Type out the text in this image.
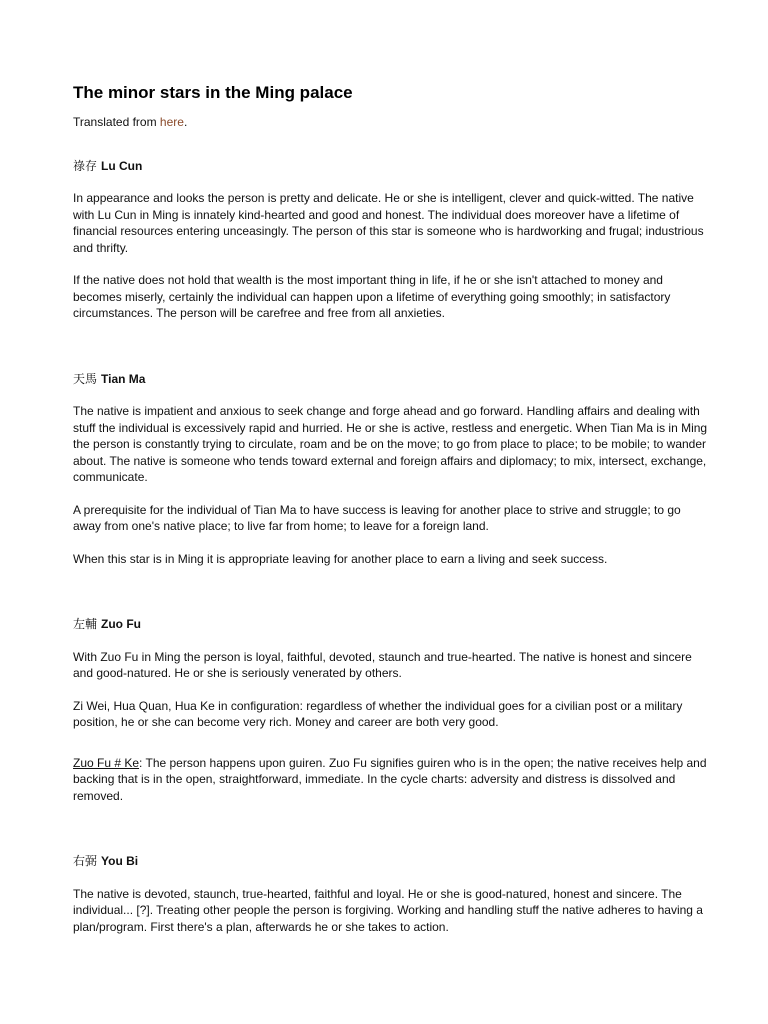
The minor stars in the Ming palace

Translated from here.

祿存 Lu Cun

In appearance and looks the person is pretty and delicate. He or she is intelligent, clever and quick-witted. The native with Lu Cun in Ming is innately kind-hearted and good and honest. The individual does moreover have a lifetime of financial resources entering unceasingly. The person of this star is someone who is hardworking and frugal; industrious and thrifty.

If the native does not hold that wealth is the most important thing in life, if he or she isn't attached to money and becomes miserly, certainly the individual can happen upon a lifetime of everything going smoothly; in satisfactory circumstances. The person will be carefree and free from all anxieties.

天馬 Tian Ma

The native is impatient and anxious to seek change and forge ahead and go forward. Handling affairs and dealing with stuff the individual is excessively rapid and hurried. He or she is active, restless and energetic. When Tian Ma is in Ming the person is constantly trying to circulate, roam and be on the move; to go from place to place; to be mobile; to wander about. The native is someone who tends toward external and foreign affairs and diplomacy; to mix, intersect, exchange, communicate.

A prerequisite for the individual of Tian Ma to have success is leaving for another place to strive and struggle; to go away from one's native place; to live far from home; to leave for a foreign land.

When this star is in Ming it is appropriate leaving for another place to earn a living and seek success.

左輔 Zuo Fu

With Zuo Fu in Ming the person is loyal, faithful, devoted, staunch and true-hearted. The native is honest and sincere and good-natured. He or she is seriously venerated by others.

Zi Wei, Hua Quan, Hua Ke in configuration: regardless of whether the individual goes for a civilian post or a military position, he or she can become very rich. Money and career are both very good.

Zuo Fu # Ke: The person happens upon guiren. Zuo Fu signifies guiren who is in the open; the native receives help and backing that is in the open, straightforward, immediate. In the cycle charts: adversity and distress is dissolved and removed.

右弼 You Bi

The native is devoted, staunch, true-hearted, faithful and loyal. He or she is good-natured, honest and sincere. The individual... [?]. Treating other people the person is forgiving. Working and handling stuff the native adheres to having a plan/program. First there's a plan, afterwards he or she takes to action.
